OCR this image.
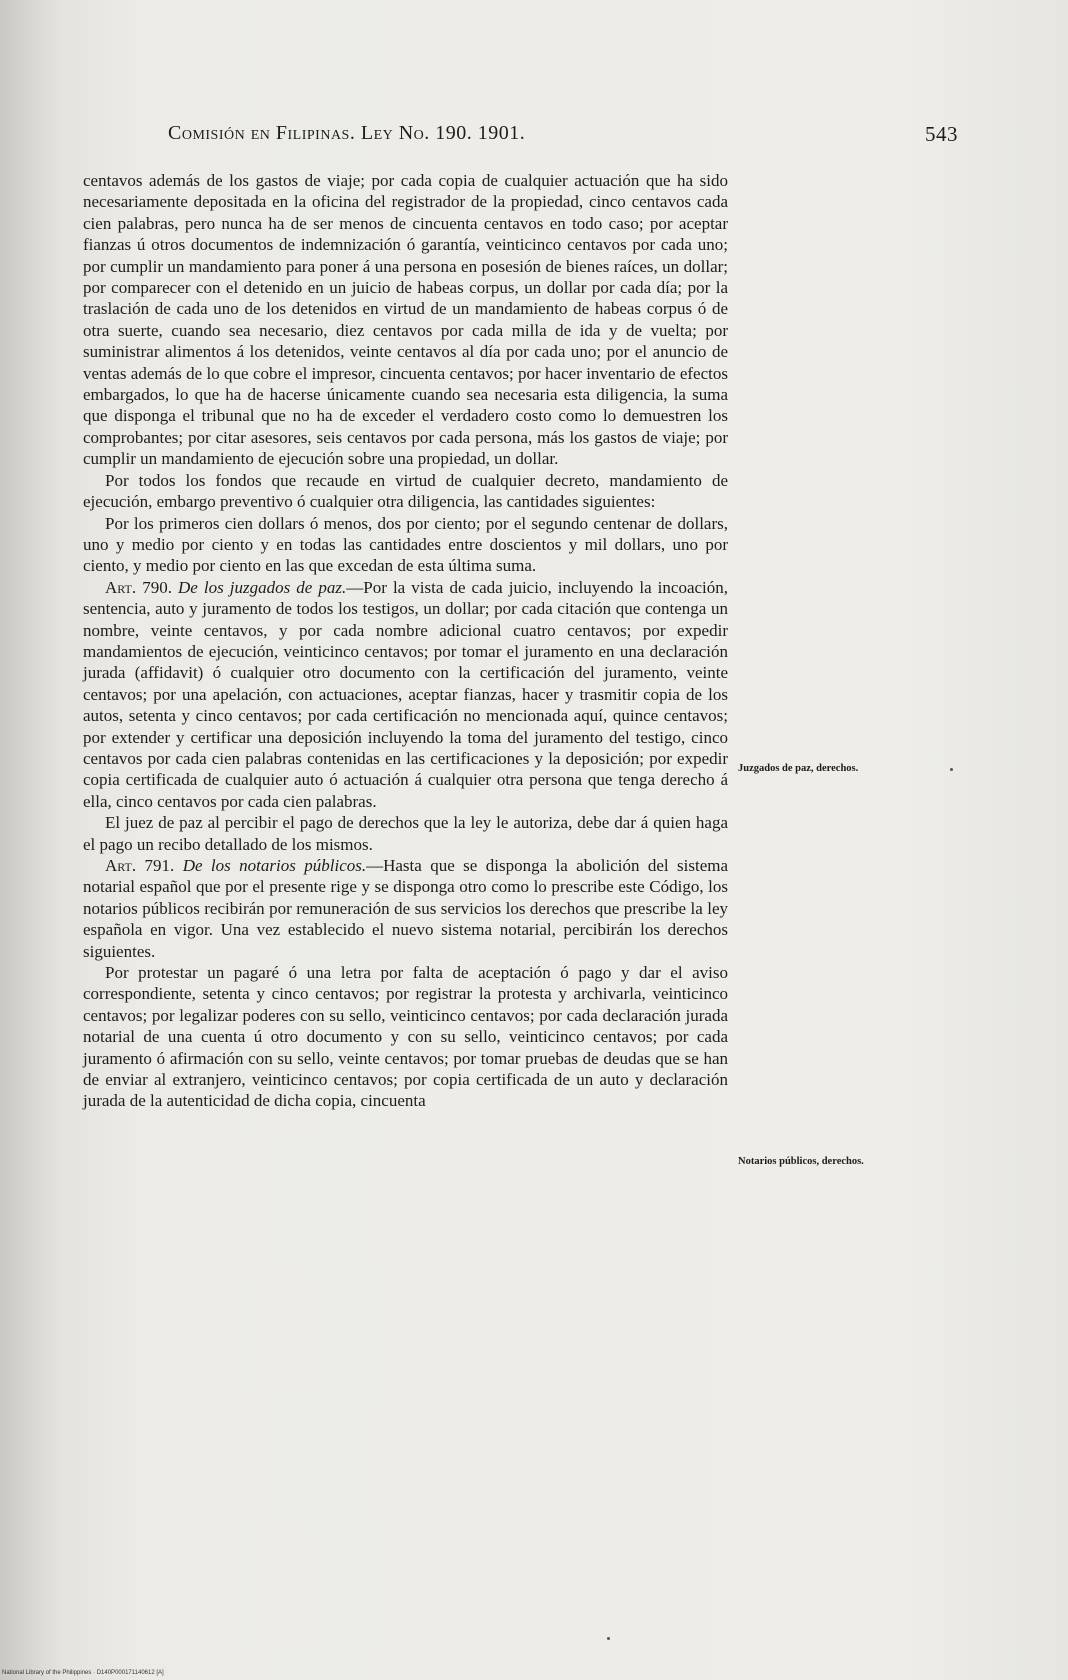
Comisión en Filipinas. Ley No. 190. 1901.	543

centavos además de los gastos de viaje; por cada copia de cualquier actuación que ha sido necesariamente depositada en la oficina del registrador de la propiedad, cinco centavos cada cien palabras, pero nunca ha de ser menos de cincuenta centavos en todo caso; por aceptar fianzas ú otros documentos de indemnización ó garantía, veinticinco centavos por cada uno; por cumplir un mandamiento para poner á una persona en posesión de bienes raíces, un dollar; por comparecer con el detenido en un juicio de habeas corpus, un dollar por cada día; por la traslación de cada uno de los detenidos en virtud de un mandamiento de habeas corpus ó de otra suerte, cuando sea necesario, diez centavos por cada milla de ida y de vuelta; por suministrar alimentos á los detenidos, veinte centavos al día por cada uno; por el anuncio de ventas además de lo que cobre el impresor, cincuenta centavos; por hacer inventario de efectos embargados, lo que ha de hacerse únicamente cuando sea necesaria esta diligencia, la suma que disponga el tribunal que no ha de exceder el verdadero costo como lo demuestren los comprobantes; por citar asesores, seis centavos por cada persona, más los gastos de viaje; por cumplir un mandamiento de ejecución sobre una propiedad, un dollar.

Por todos los fondos que recaude en virtud de cualquier decreto, mandamiento de ejecución, embargo preventivo ó cualquier otra diligencia, las cantidades siguientes:

Por los primeros cien dollars ó menos, dos por ciento; por el segundo centenar de dollars, uno y medio por ciento y en todas las cantidades entre doscientos y mil dollars, uno por ciento, y medio por ciento en las que excedan de esta última suma.

Art. 790. De los juzgados de paz.—Por la vista de cada juicio, incluyendo la incoación, sentencia, auto y juramento de todos los testigos, un dollar; por cada citación que contenga un nombre, veinte centavos, y por cada nombre adicional cuatro centavos; por expedir mandamientos de ejecución, veinticinco centavos; por tomar el juramento en una declaración jurada (affidavit) ó cualquier otro documento con la certificación del juramento, veinte centavos; por una apelación, con actuaciones, aceptar fianzas, hacer y trasmitir copia de los autos, setenta y cinco centavos; por cada certificación no mencionada aquí, quince centavos; por extender y certificar una deposición incluyendo la toma del juramento del testigo, cinco centavos por cada cien palabras contenidas en las certificaciones y la deposición; por expedir copia certificada de cualquier auto ó actuación á cualquier otra persona que tenga derecho á ella, cinco centavos por cada cien palabras.

El juez de paz al percibir el pago de derechos que la ley le autoriza, debe dar á quien haga el pago un recibo detallado de los mismos.

Art. 791. De los notarios públicos.—Hasta que se disponga la abolición del sistema notarial español que por el presente rige y se disponga otro como lo prescribe este Código, los notarios públicos recibirán por remuneración de sus servicios los derechos que prescribe la ley española en vigor. Una vez establecido el nuevo sistema notarial, percibirán los derechos siguientes.

Por protestar un pagaré ó una letra por falta de aceptación ó pago y dar el aviso correspondiente, setenta y cinco centavos; por registrar la protesta y archivarla, veinticinco centavos; por legalizar poderes con su sello, veinticinco centavos; por cada declaración jurada notarial de una cuenta ú otro documento y con su sello, veinticinco centavos; por cada juramento ó afirmación con su sello, veinte centavos; por tomar pruebas de deudas que se han de enviar al extranjero, veinticinco centavos; por copia certificada de un auto y declaración jurada de la autenticidad de dicha copia, cincuenta

Juzgados de paz, derechos.
Notarios públicos, derechos.
National Library of the Philippines · D140P000171140612 [A]
